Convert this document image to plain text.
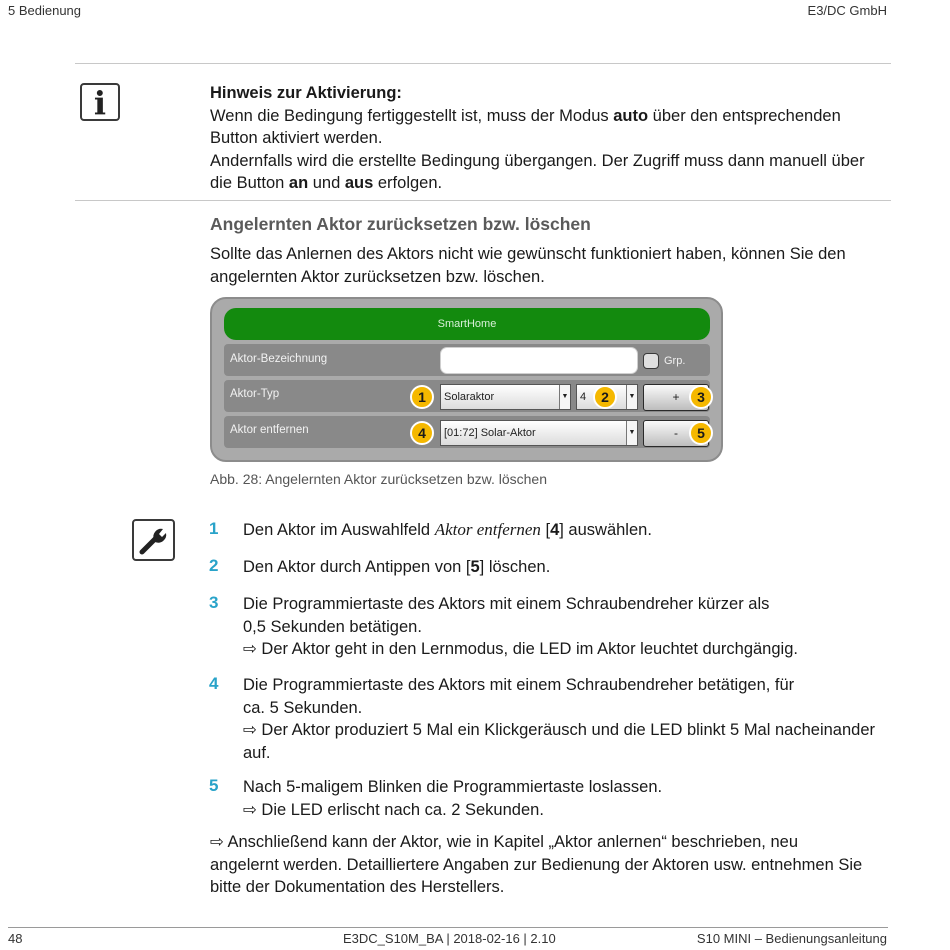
5 Bedienung	E3/DC GmbH
i	Hinweis zur Aktivierung:
Wenn die Bedingung fertiggestellt ist, muss der Modus auto über den entsprechenden
Button aktiviert werden.
Andernfalls wird die erstellte Bedingung übergangen. Der Zugriff muss dann manuell über
die Button an und aus erfolgen.
Angelernten Aktor zurücksetzen bzw. löschen
Sollte das Anlernen des Aktors nicht wie gewünscht funktioniert haben, können Sie den
angelernten Aktor zurücksetzen bzw. löschen.
SmartHome
Aktor-Bezeichnung	Grp.
Aktor-Typ	Solaraktor	▼	4	▼	+
Aktor entfernen	[01:72] Solar-Aktor	▼	-
1	2	3
4	5
Abb. 28: Angelernten Aktor zurücksetzen bzw. löschen
1 Den Aktor im Auswahlfeld Aktor entfernen [4] auswählen.
2 Den Aktor durch Antippen von [5] löschen.
3 Die Programmiertaste des Aktors mit einem Schraubendreher kürzer als
0,5 Sekunden betätigen.
⇨ Der Aktor geht in den Lernmodus, die LED im Aktor leuchtet durchgängig.
4 Die Programmiertaste des Aktors mit einem Schraubendreher betätigen, für
ca. 5 Sekunden.
⇨ Der Aktor produziert 5 Mal ein Klickgeräusch und die LED blinkt 5 Mal nacheinander
auf.
5 Nach 5-maligem Blinken die Programmiertaste loslassen.
⇨ Die LED erlischt nach ca. 2 Sekunden.
⇨ Anschließend kann der Aktor, wie in Kapitel „Aktor anlernen“ beschrieben, neu
angelernt werden. Detailliertere Angaben zur Bedienung der Aktoren usw. entnehmen Sie
bitte der Dokumentation des Herstellers.
48	E3DC_S10M_BA | 2018-02-16 | 2.10	S10 MINI – Bedienungsanleitung
